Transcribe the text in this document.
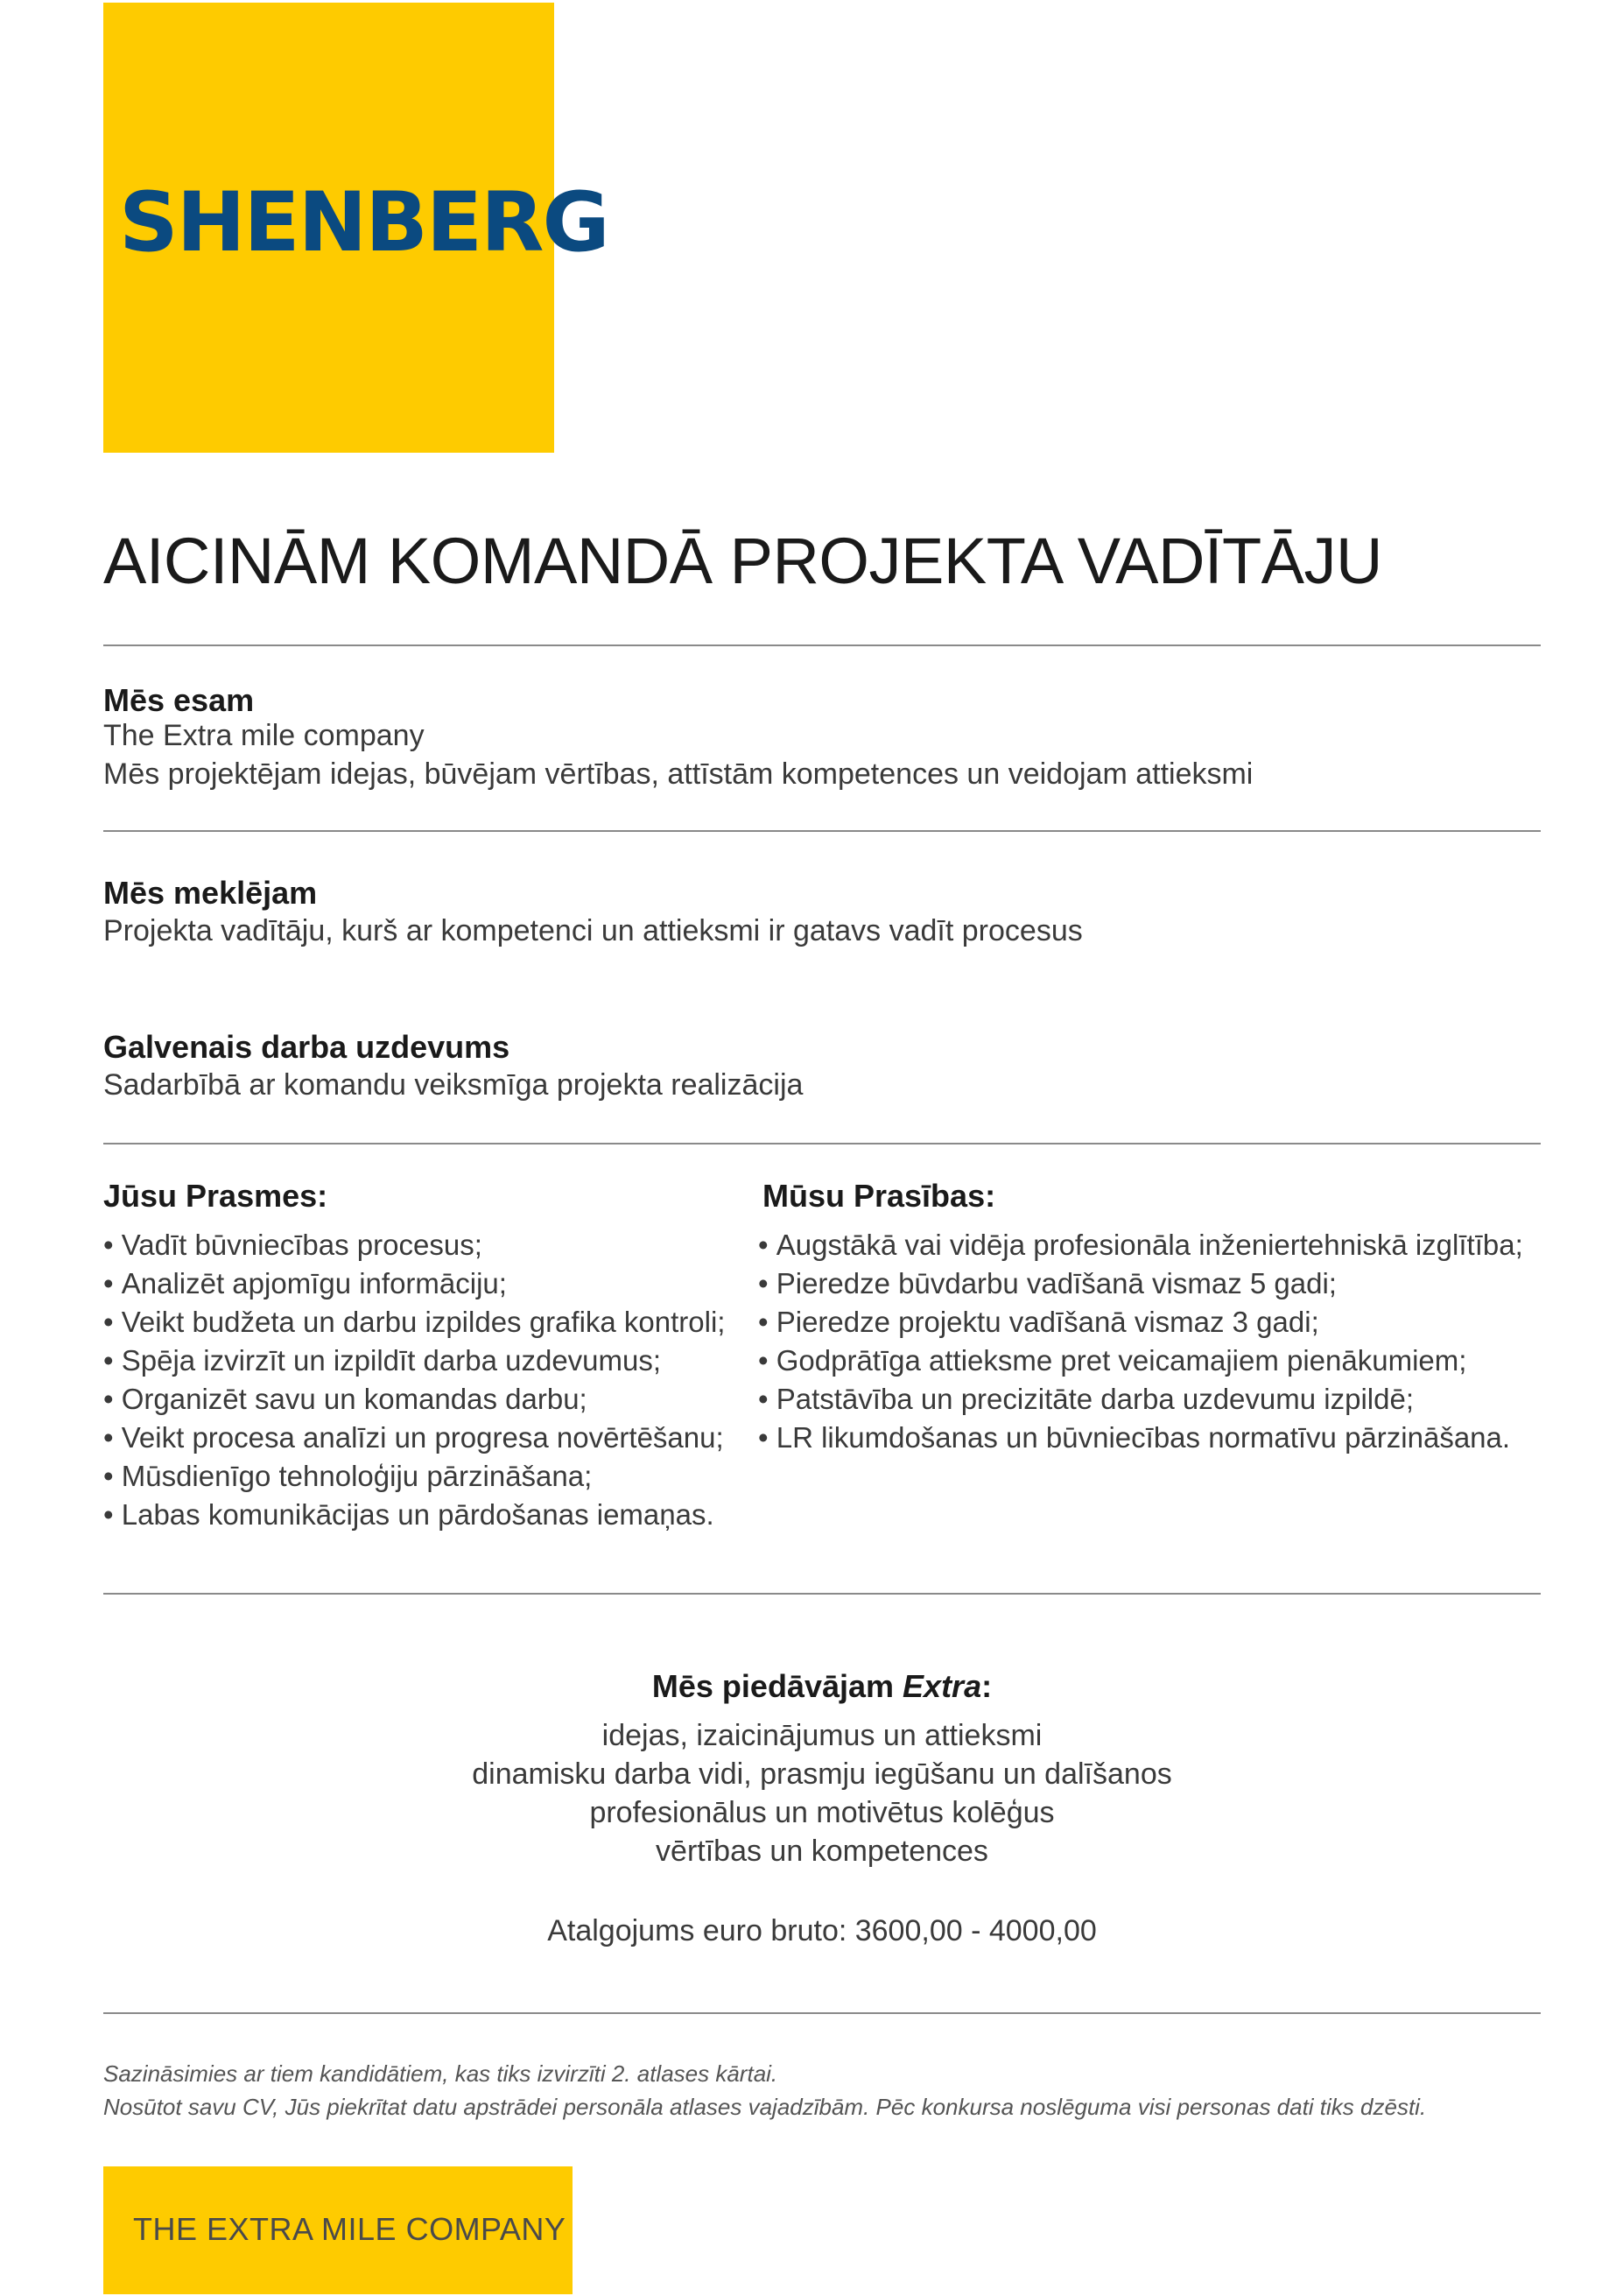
SHENBERG
AICINĀM KOMANDĀ PROJEKTA VADĪTĀJU
Mēs esam

The Extra mile company

Mēs projektējam idejas, būvējam vērtības, attīstām kompetences un veidojam attieksmi

Mēs meklējam

Projekta vadītāju, kurš ar kompetenci un attieksmi ir gatavs vadīt procesus

Galvenais darba uzdevums

Sadarbībā ar komandu veiksmīga projekta realizācija

Jūsu Prasmes:
• Vadīt būvniecības procesus;
• Analizēt apjomīgu informāciju;
• Veikt budžeta un darbu izpildes grafika kontroli;
• Spēja izvirzīt un izpildīt darba uzdevumus;
• Organizēt savu un komandas darbu;
• Veikt procesa analīzi un progresa novērtēšanu;
• Mūsdienīgo tehnoloģiju pārzināšana;
• Labas komunikācijas un pārdošanas iemaņas.
Mūsu Prasības:
• Augstākā vai vidēja profesionāla inženiertehniskā izglītība;
• Pieredze būvdarbu vadīšanā vismaz 5 gadi;
• Pieredze projektu vadīšanā vismaz 3 gadi;
• Godprātīga attieksme pret veicamajiem pienākumiem;
• Patstāvība un precizitāte darba uzdevumu izpildē;
• LR likumdošanas un būvniecības normatīvu pārzināšana.
Mēs piedāvājam Extra:
idejas, izaicinājumus un attieksmi
dinamisku darba vidi, prasmju iegūšanu un dalīšanos
profesionālus un motivētus kolēģus
vērtības un kompetences
Atalgojums euro bruto: 3600,00 - 4000,00

Sazināsimies ar tiem kandidātiem, kas tiks izvirzīti 2. atlases kārtai.

Nosūtot savu CV, Jūs piekrītat datu apstrādei personāla atlases vajadzībām. Pēc konkursa noslēguma visi personas dati tiks dzēsti.

THE EXTRA MILE COMPANY
